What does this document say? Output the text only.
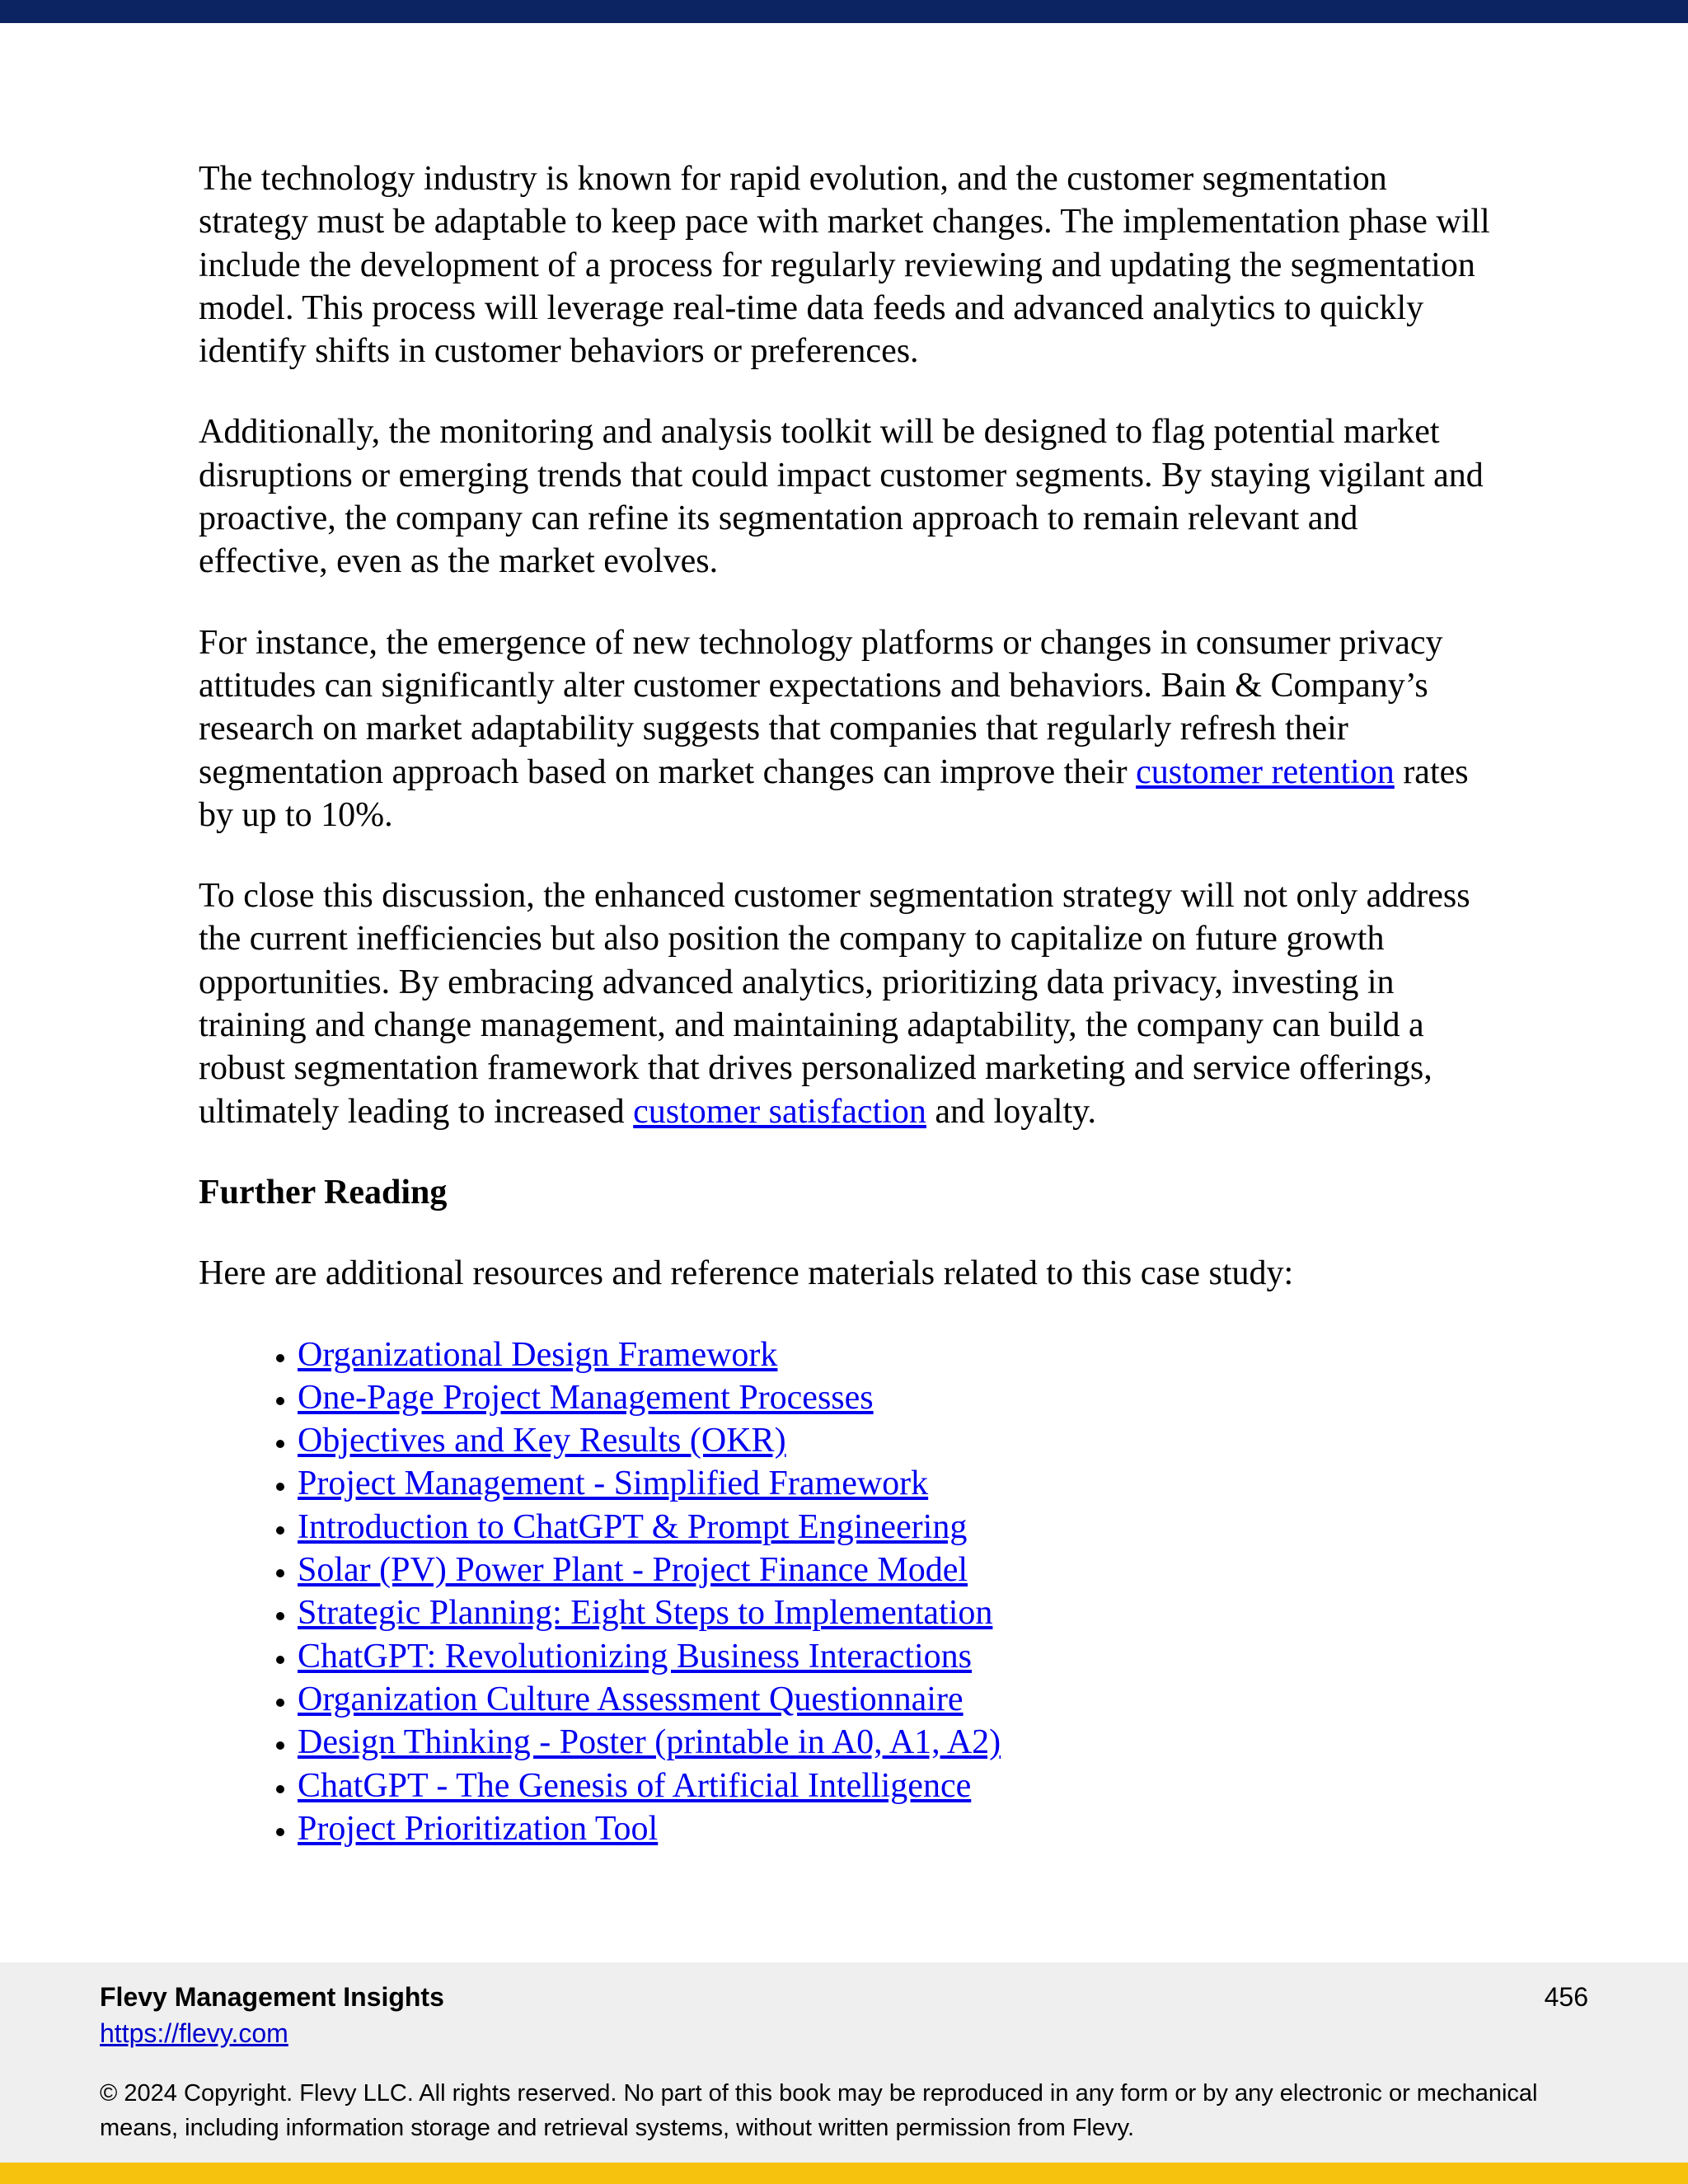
The technology industry is known for rapid evolution, and the customer segmentation strategy must be adaptable to keep pace with market changes. The implementation phase will include the development of a process for regularly reviewing and updating the segmentation model. This process will leverage real-time data feeds and advanced analytics to quickly identify shifts in customer behaviors or preferences.

Additionally, the monitoring and analysis toolkit will be designed to flag potential market disruptions or emerging trends that could impact customer segments. By staying vigilant and proactive, the company can refine its segmentation approach to remain relevant and effective, even as the market evolves.

For instance, the emergence of new technology platforms or changes in consumer privacy attitudes can significantly alter customer expectations and behaviors. Bain & Company’s research on market adaptability suggests that companies that regularly refresh their segmentation approach based on market changes can improve their customer retention rates by up to 10%.

To close this discussion, the enhanced customer segmentation strategy will not only address the current inefficiencies but also position the company to capitalize on future growth opportunities. By embracing advanced analytics, prioritizing data privacy, investing in training and change management, and maintaining adaptability, the company can build a robust segmentation framework that drives personalized marketing and service offerings, ultimately leading to increased customer satisfaction and loyalty.

Further Reading

Here are additional resources and reference materials related to this case study:

• Organizational Design Framework
• One-Page Project Management Processes
• Objectives and Key Results (OKR)
• Project Management - Simplified Framework
• Introduction to ChatGPT & Prompt Engineering
• Solar (PV) Power Plant - Project Finance Model
• Strategic Planning: Eight Steps to Implementation
• ChatGPT: Revolutionizing Business Interactions
• Organization Culture Assessment Questionnaire
• Design Thinking - Poster (printable in A0, A1, A2)
• ChatGPT - The Genesis of Artificial Intelligence
• Project Prioritization Tool
Flevy Management Insights
https://flevy.com
456
© 2024 Copyright. Flevy LLC. All rights reserved. No part of this book may be reproduced in any form or by any electronic or mechanical means, including information storage and retrieval systems, without written permission from Flevy.
